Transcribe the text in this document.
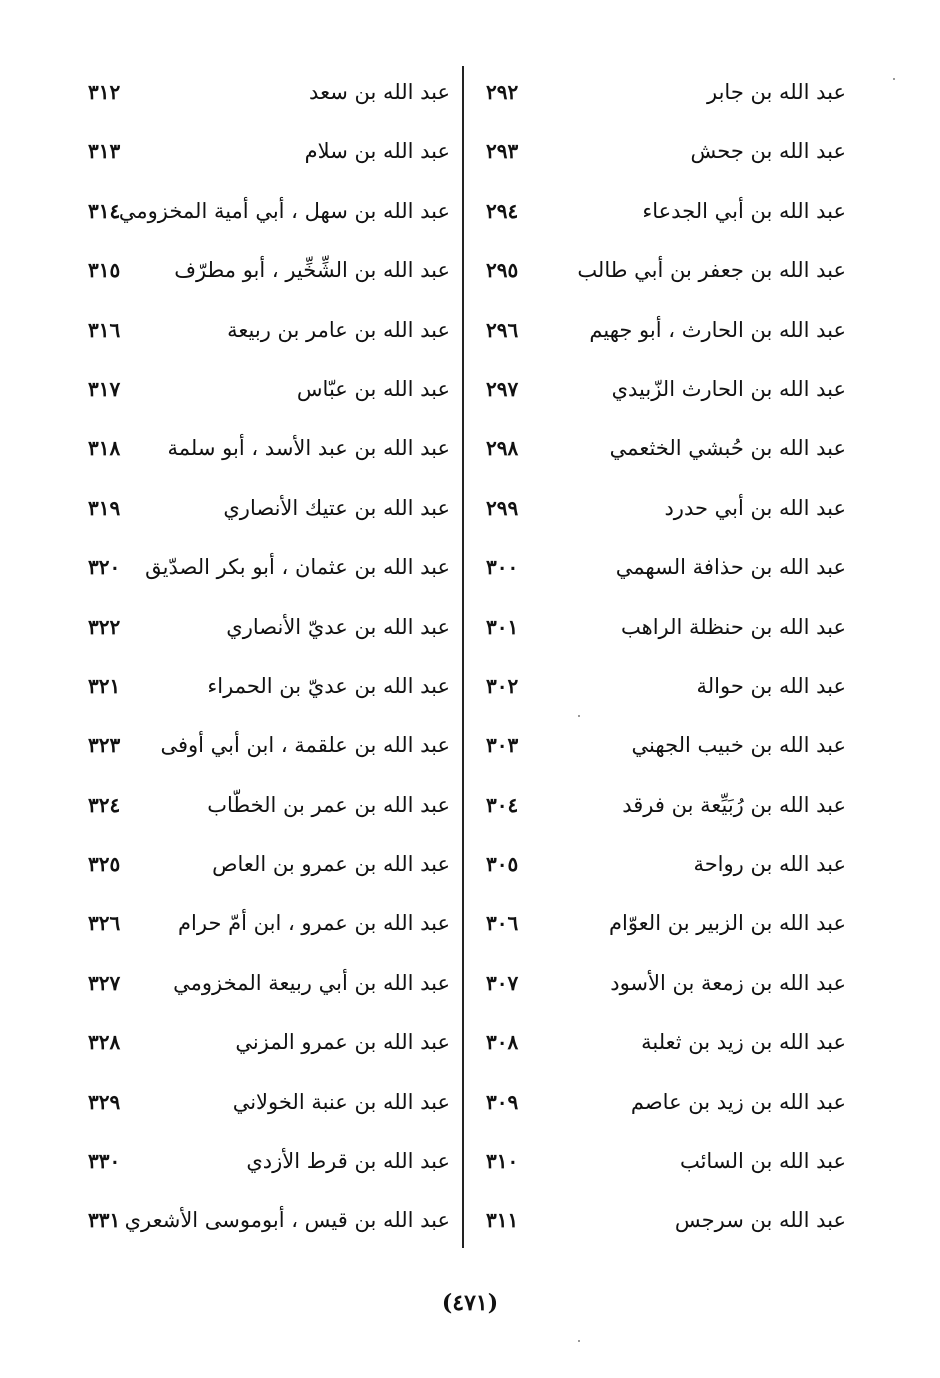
عبد الله بن جابر
٢٩٢
عبد الله بن جحش
٢٩٣
عبد الله بن أبي الجدعاء
٢٩٤
عبد الله بن جعفر بن أبي طالب
٢٩٥
عبد الله بن الحارث ، أبو جهيم
٢٩٦
عبد الله بن الحارث الزّبيدي
٢٩٧
عبد الله بن حُبشي الخثعمي
٢٩٨
عبد الله بن أبي حدرد
٢٩٩
عبد الله بن حذافة السهمي
٣٠٠
عبد الله بن حنظلة الراهب
٣٠١
عبد الله بن حوالة
٣٠٢
عبد الله بن خبيب الجهني
٣٠٣
عبد الله بن رُبَيِّعة بن فرقد
٣٠٤
عبد الله بن رواحة
٣٠٥
عبد الله بن الزبير بن العوّام
٣٠٦
عبد الله بن زمعة بن الأسود
٣٠٧
عبد الله بن زيد بن ثعلبة
٣٠٨
عبد الله بن زيد بن عاصم
٣٠٩
عبد الله بن السائب
٣١٠
عبد الله بن سرجس
٣١١
عبد الله بن سعد
٣١٢
عبد الله بن سلام
٣١٣
عبد الله بن سهل ، أبي أمية المخزومي
٣١٤
عبد الله بن الشِّخِّير ، أبو مطرّف
٣١٥
عبد الله بن عامر بن ربيعة
٣١٦
عبد الله بن عبّاس
٣١٧
عبد الله بن عبد الأسد ، أبو سلمة
٣١٨
عبد الله بن عتيك الأنصاري
٣١٩
عبد الله بن عثمان ، أبو بكر الصدّيق
٣٢٠
عبد الله بن عديّ الأنصاري
٣٢٢
عبد الله بن عديّ بن الحمراء
٣٢١
عبد الله بن علقمة ، ابن أبي أوفى
٣٢٣
عبد الله بن عمر بن الخطّاب
٣٢٤
عبد الله بن عمرو بن العاص
٣٢٥
عبد الله بن عمرو ، ابن أمّ حرام
٣٢٦
عبد الله بن أبي ربيعة المخزومي
٣٢٧
عبد الله بن عمرو المزني
٣٢٨
عبد الله بن عنبة الخولاني
٣٢٩
عبد الله بن قرط الأزدي
٣٣٠
عبد الله بن قيس ، أبوموسى الأشعري
٣٣١
(٤٧١)
